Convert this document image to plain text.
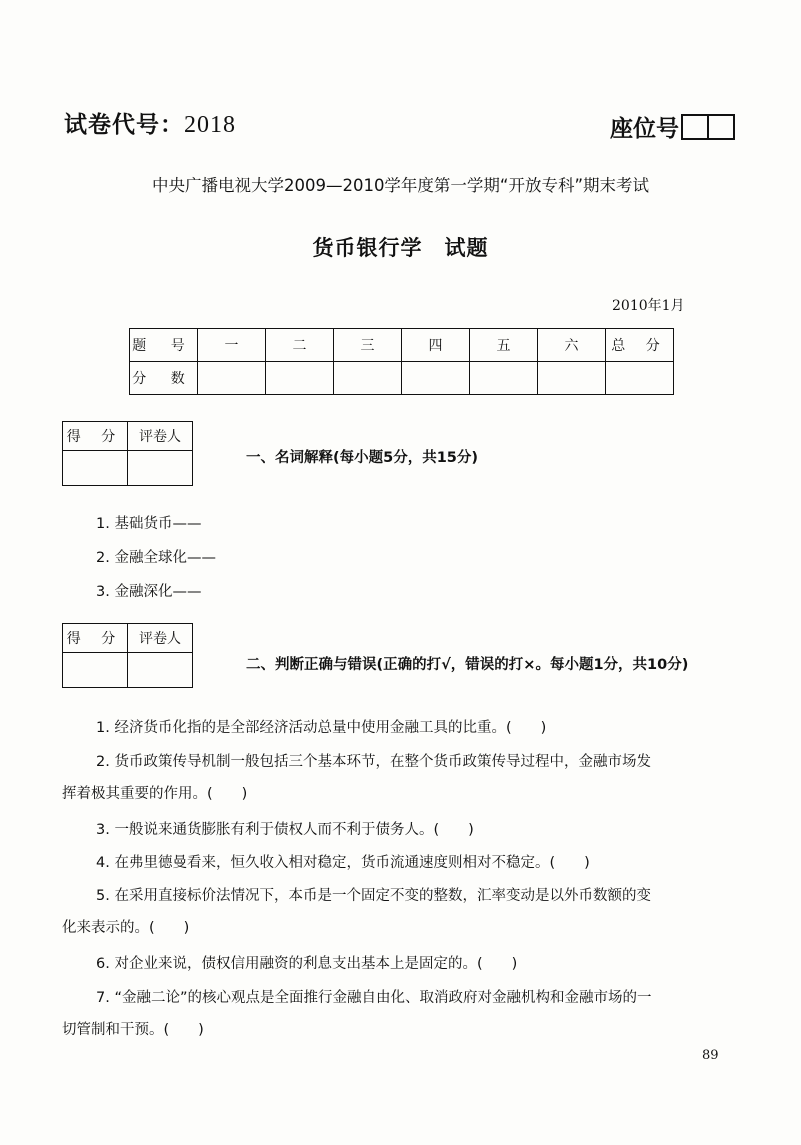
试卷代号：2018	座位号
中央广播电视大学2009—2010学年度第一学期“开放专科”期末考试
货币银行学 试题
2010年1月
题 号	一	二	三	四	五	六	总 分
分 数							
得 分	评卷人

一、名词解释(每小题5分，共15分)
1. 基础货币——
2. 金融全球化——
3. 金融深化——
得 分	评卷人

二、判断正确与错误(正确的打√，错误的打×。每小题1分，共10分)
1. 经济货币化指的是全部经济活动总量中使用金融工具的比重。(　　)
2. 货币政策传导机制一般包括三个基本环节，在整个货币政策传导过程中，金融市场发
挥着极其重要的作用。(　　)
3. 一般说来通货膨胀有利于债权人而不利于债务人。(　　)
4. 在弗里德曼看来，恒久收入相对稳定，货币流通速度则相对不稳定。(　　)
5. 在采用直接标价法情况下，本币是一个固定不变的整数，汇率变动是以外币数额的变
化来表示的。(　　)
6. 对企业来说，债权信用融资的利息支出基本上是固定的。(　　)
7. “金融二论”的核心观点是全面推行金融自由化、取消政府对金融机构和金融市场的一
切管制和干预。(　　)
89
